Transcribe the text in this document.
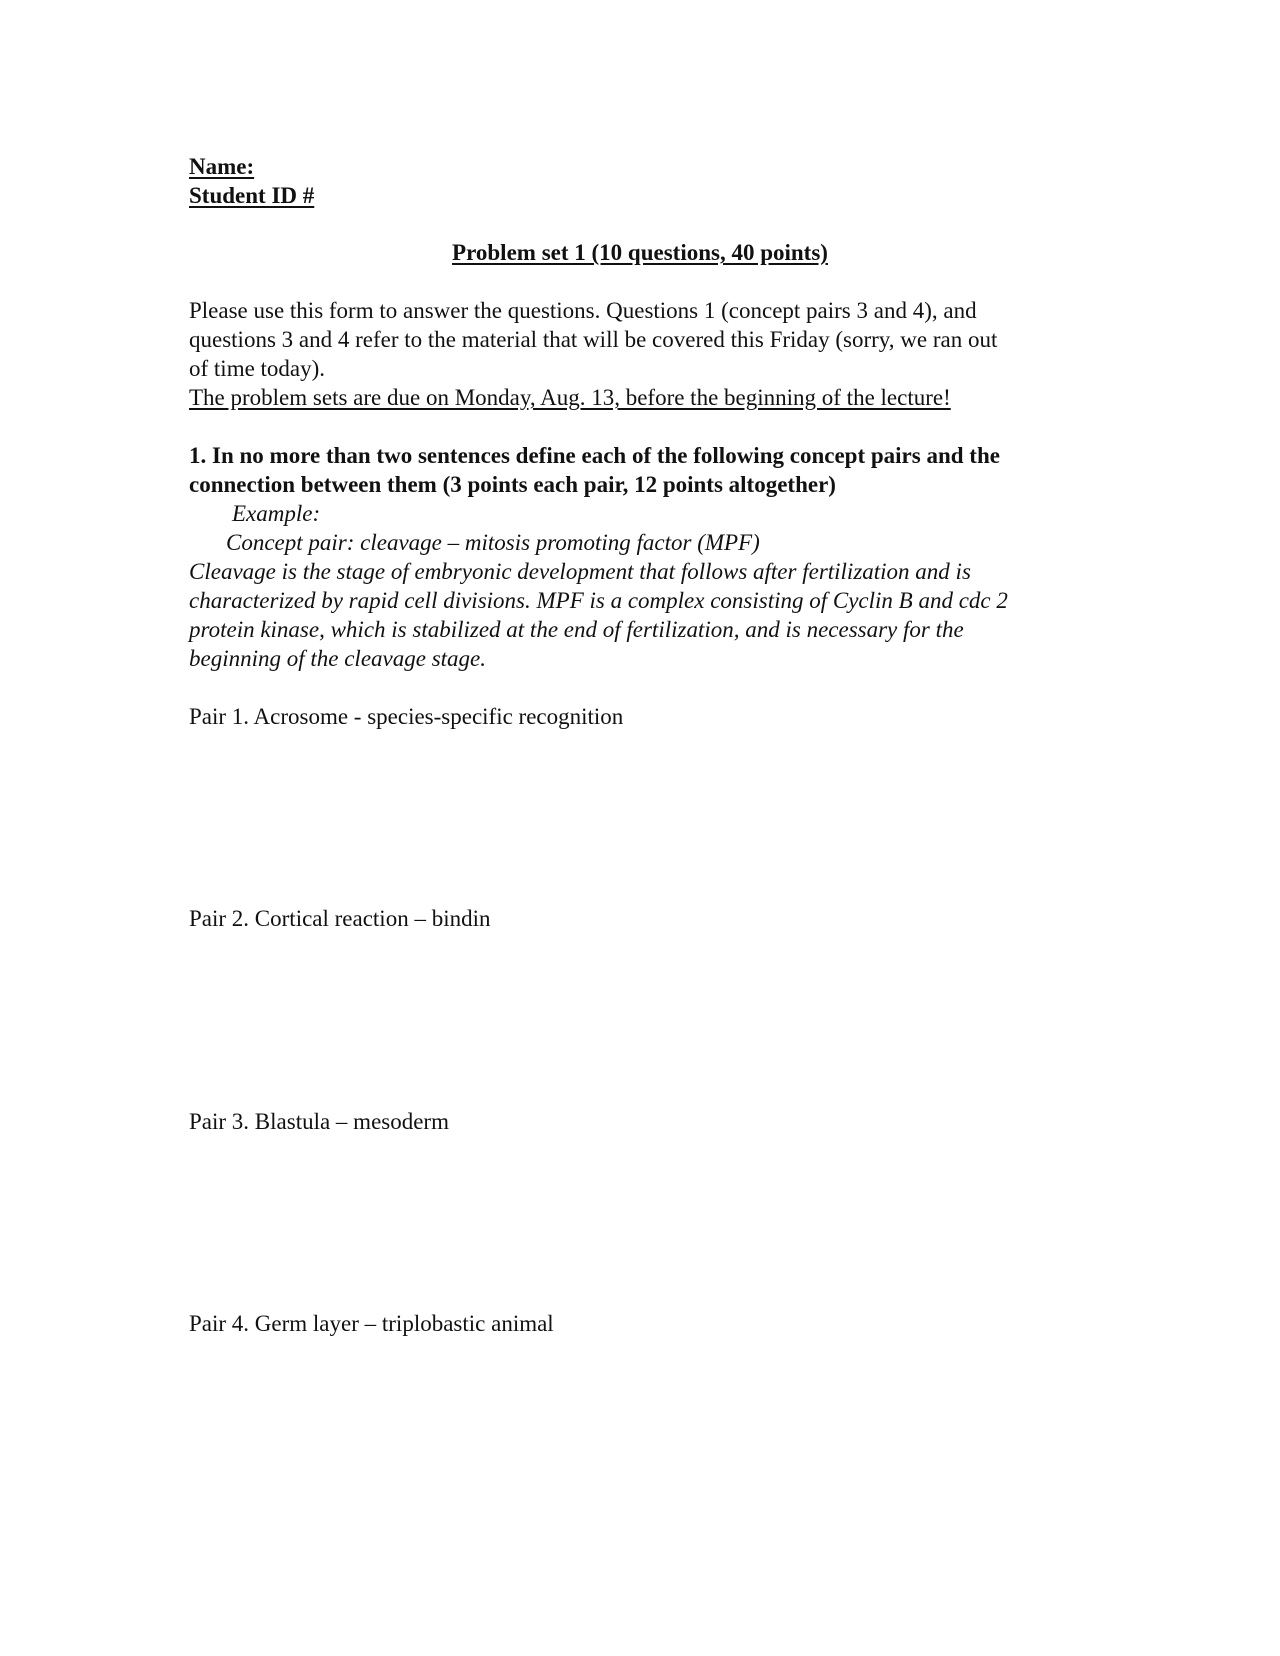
Name:
Student ID #
Problem set 1 (10 questions, 40 points)
Please use this form to answer the questions. Questions 1 (concept pairs 3 and 4), and
questions 3 and 4 refer to the material that will be covered this Friday (sorry, we ran out
of time today).
The problem sets are due on Monday, Aug. 13, before the beginning of the lecture!
1. In no more than two sentences define each of the following concept pairs and the
connection between them (3 points each pair, 12 points altogether)
Example:
Concept pair: cleavage – mitosis promoting factor (MPF)
Cleavage is the stage of embryonic development that follows after fertilization and is
characterized by rapid cell divisions. MPF is a complex consisting of Cyclin B and cdc 2
protein kinase, which is stabilized at the end of fertilization, and is necessary for the
beginning of the cleavage stage.
Pair 1. Acrosome - species-specific recognition
Pair 2. Cortical reaction – bindin
Pair 3. Blastula – mesoderm
Pair 4. Germ layer – triplobastic animal
